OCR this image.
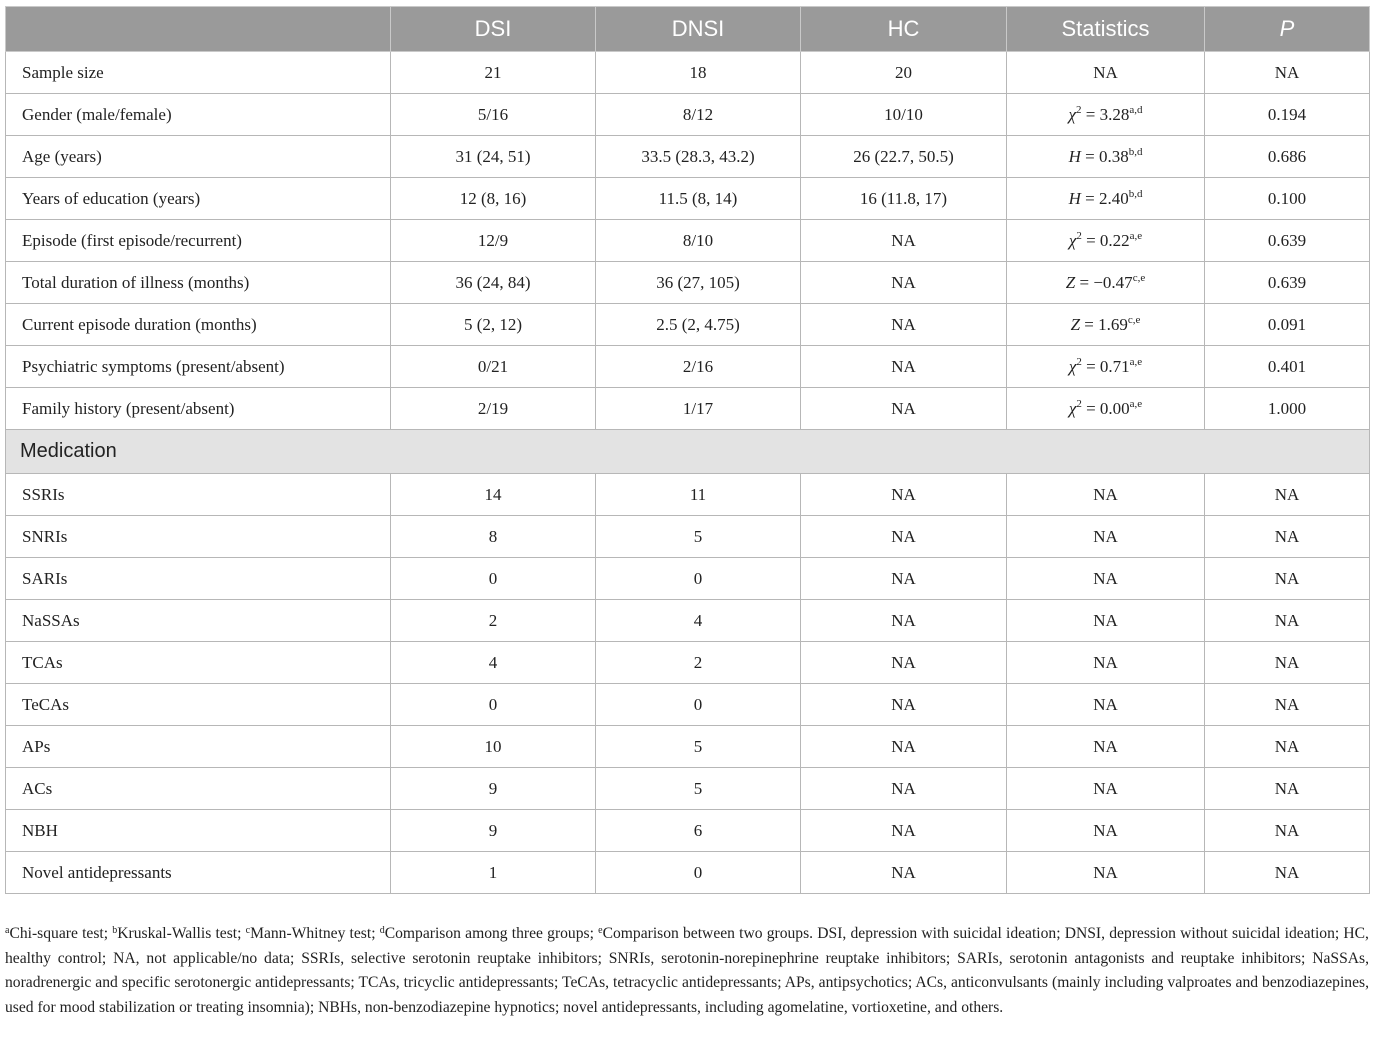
	DSI	DNSI	HC	Statistics	P
Sample size	21	18	20	NA	NA
Gender (male/female)	5/16	8/12	10/10	$\chi^2 = 3.28^{a,d}$	0.194
Age (years)	31 (24, 51)	33.5 (28.3, 43.2)	26 (22.7, 50.5)	$H = 0.38^{b,d}$	0.686
Years of education (years)	12 (8, 16)	11.5 (8, 14)	16 (11.8, 17)	$H = 2.40^{b,d}$	0.100
Episode (first episode/recurrent)	12/9	8/10	NA	$\chi^2 = 0.22^{a,e}$	0.639
Total duration of illness (months)	36 (24, 84)	36 (27, 105)	NA	$Z = -0.47^{c,e}$	0.639
Current episode duration (months)	5 (2, 12)	2.5 (2, 4.75)	NA	$Z = 1.69^{c,e}$	0.091
Psychiatric symptoms (present/absent)	0/21	2/16	NA	$\chi^2 = 0.71^{a,e}$	0.401
Family history (present/absent)	2/19	1/17	NA	$\chi^2 = 0.00^{a,e}$	1.000
Medication					
SSRIs	14	11	NA	NA	NA
SNRIs	8	5	NA	NA	NA
SARIs	0	0	NA	NA	NA
NaSSAs	2	4	NA	NA	NA
TCAs	4	2	NA	NA	NA
TeCAs	0	0	NA	NA	NA
APs	10	5	NA	NA	NA
ACs	9	5	NA	NA	NA
NBH	9	6	NA	NA	NA
Novel antidepressants	1	0	NA	NA	NA
$^a$Chi-square test; $^b$Kruskal-Wallis test; $^c$Mann-Whitney test; $^d$Comparison among three groups; $^e$Comparison between two groups. DSI, depression with suicidal ideation; DNSI, depression without suicidal ideation; HC, healthy control; NA, not applicable/no data; SSRIs, selective serotonin reuptake inhibitors; SNRIs, serotonin-norepinephrine reuptake inhibitors; SARIs, serotonin antagonists and reuptake inhibitors; NaSSAs, noradrenergic and specific serotonergic antidepressants; TCAs, tricyclic antidepressants; TeCAs, tetracyclic antidepressants; APs, antipsychotics; ACs, anticonvulsants (mainly including valproates and benzodiazepines, used for mood stabilization or treating insomnia); NBHs, non-benzodiazepine hypnotics; novel antidepressants, including agomelatine, vortioxetine, and others.
